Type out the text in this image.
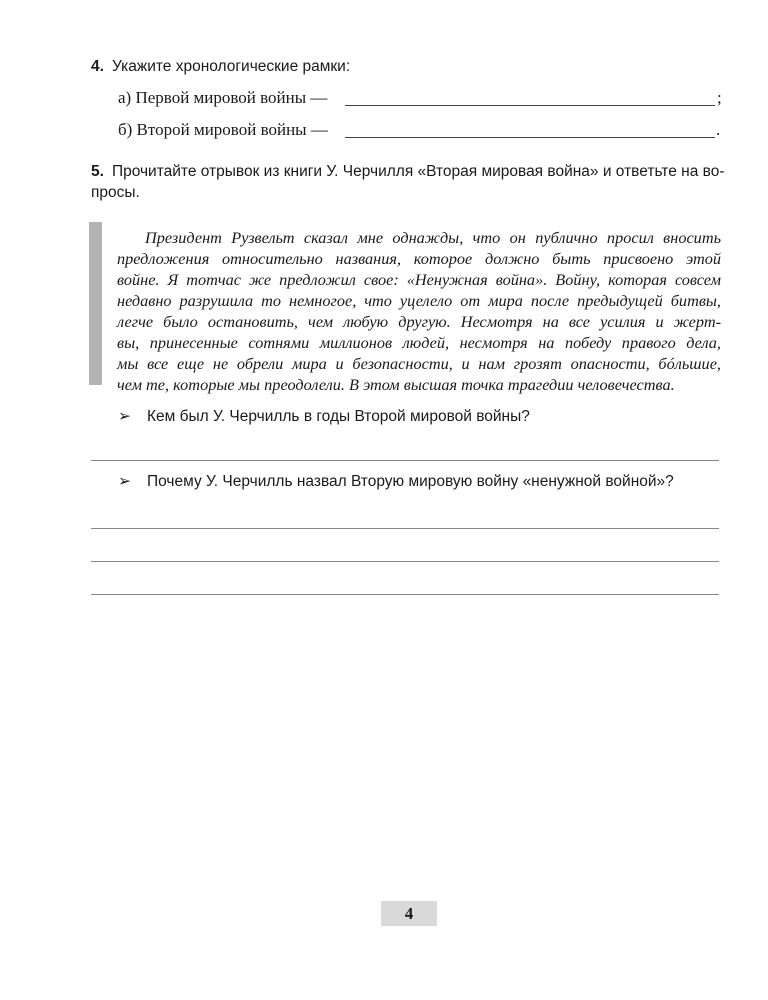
4. Укажите хронологические рамки:
а) Первой мировой войны —	;
б) Второй мировой войны —	.
5. Прочитайте отрывок из книги У. Черчилля «Вторая мировая война» и ответьте на во-
просы.
Президент Рузвельт сказал мне однажды, что он публично просил вносить
предложения относительно названия, которое должно быть присвоено этой
войне. Я тотчас же предложил свое: «Ненужная война». Войну, которая совсем
недавно разрушила то немногое, что уцелело от мира после предыдущей битвы,
легче было остановить, чем любую другую. Несмотря на все усилия и жерт-
вы, принесенные сотнями миллионов людей, несмотря на победу правого дела,
мы все еще не обрели мира и безопасности, и нам грозят опасности, бóльшие,
чем те, которые мы преодолели. В этом высшая точка трагедии человечества.
➢ Кем был У. Черчилль в годы Второй мировой войны?
➢ Почему У. Черчилль назвал Вторую мировую войну «ненужной войной»?
4
